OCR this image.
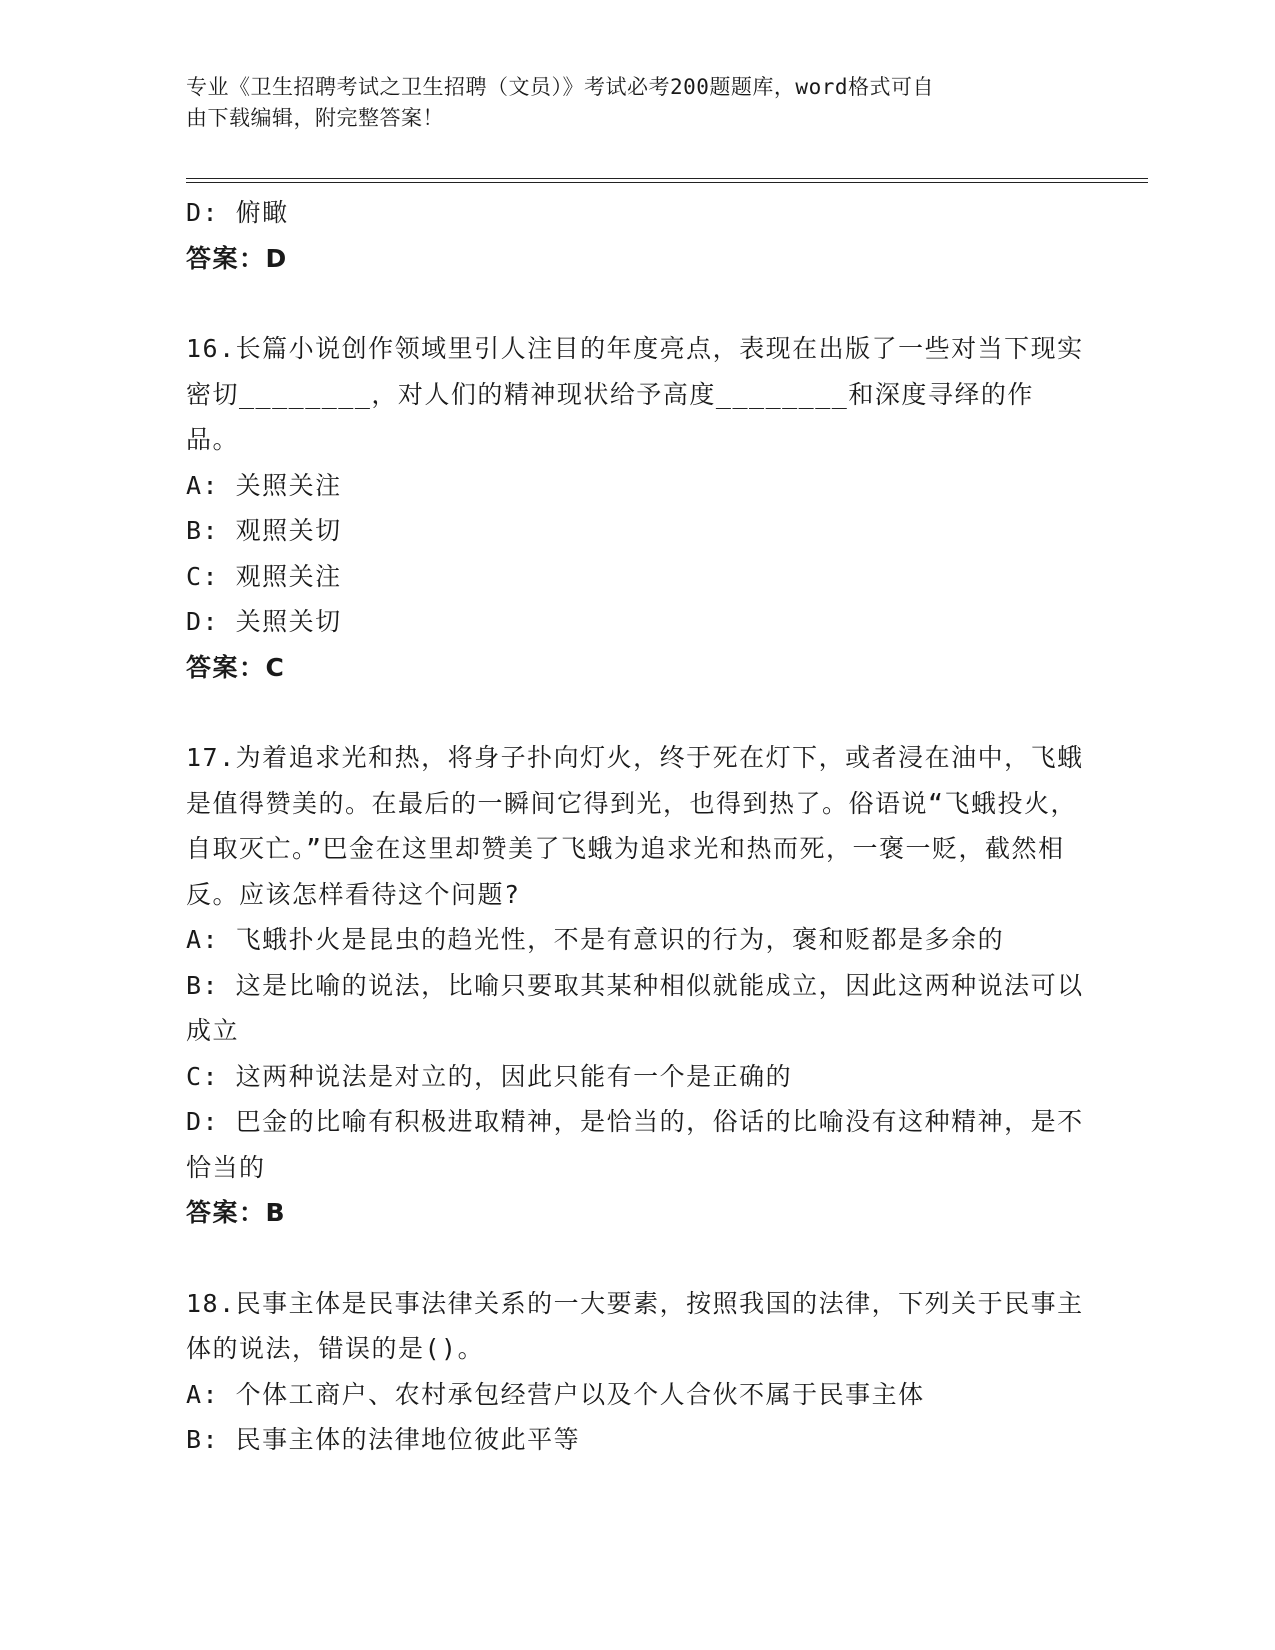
专业《卫生招聘考试之卫生招聘（文员）》考试必考200题题库，word格式可自
由下载编辑，附完整答案！

D: 俯瞰

答案：D

16.长篇小说创作领域里引人注目的年度亮点，表现在出版了一些对当下现实密切________，对人们的精神现状给予高度________和深度寻绎的作品。

A: 关照关注

B: 观照关切

C: 观照关注

D: 关照关切

答案：C

17.为着追求光和热，将身子扑向灯火，终于死在灯下，或者浸在油中，飞蛾是值得赞美的。在最后的一瞬间它得到光，也得到热了。俗语说“飞蛾投火，自取灭亡。”巴金在这里却赞美了飞蛾为追求光和热而死，一褒一贬，截然相反。应该怎样看待这个问题?

A: 飞蛾扑火是昆虫的趋光性，不是有意识的行为，褒和贬都是多余的

B: 这是比喻的说法，比喻只要取其某种相似就能成立，因此这两种说法可以成立

C: 这两种说法是对立的，因此只能有一个是正确的

D: 巴金的比喻有积极进取精神，是恰当的，俗话的比喻没有这种精神，是不恰当的

答案：B

18.民事主体是民事法律关系的一大要素，按照我国的法律，下列关于民事主体的说法，错误的是()。

A: 个体工商户、农村承包经营户以及个人合伙不属于民事主体

B: 民事主体的法律地位彼此平等
